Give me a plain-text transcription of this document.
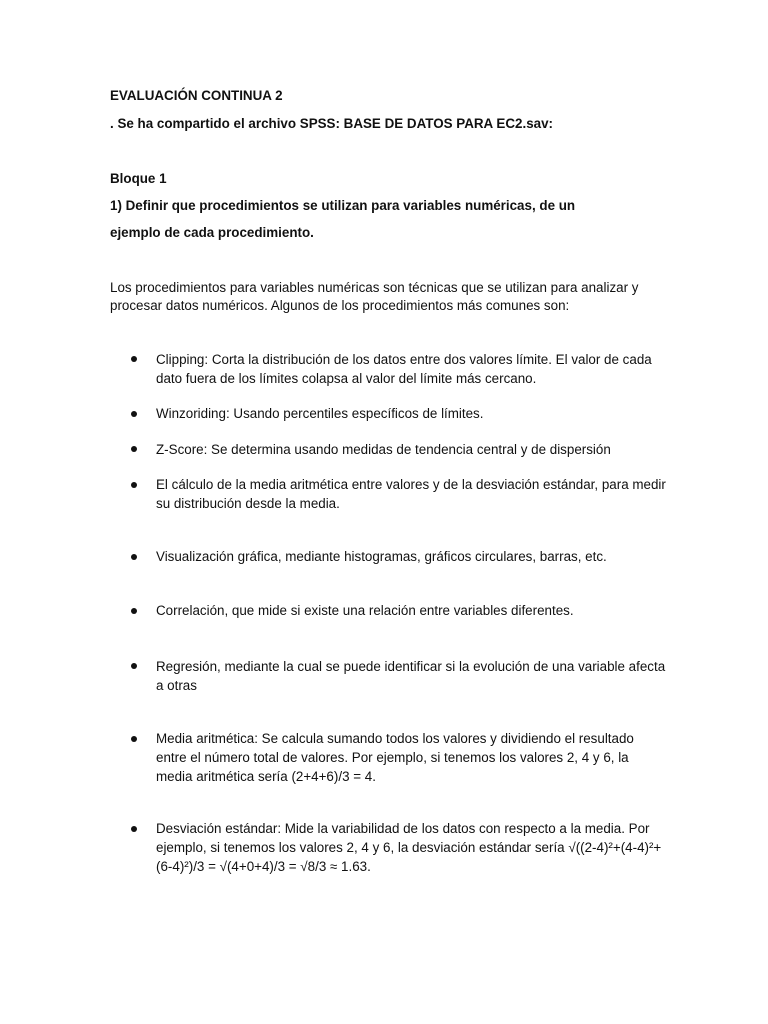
EVALUACIÓN CONTINUA 2
. Se ha compartido el archivo SPSS: BASE DE DATOS PARA EC2.sav:
Bloque 1
1) Definir que procedimientos se utilizan para variables numéricas, de un
ejemplo de cada procedimiento.
Los procedimientos para variables numéricas son técnicas que se utilizan para analizar y
procesar datos numéricos. Algunos de los procedimientos más comunes son:
Clipping: Corta la distribución de los datos entre dos valores límite. El valor de cada dato fuera de los límites colapsa al valor del límite más cercano.
Winzoriding: Usando percentiles específicos de límites.
Z-Score: Se determina usando medidas de tendencia central y de dispersión
El cálculo de la media aritmética entre valores y de la desviación estándar, para medir su distribución desde la media.
Visualización gráfica, mediante histogramas, gráficos circulares, barras, etc.
Correlación, que mide si existe una relación entre variables diferentes.
Regresión, mediante la cual se puede identificar si la evolución de una variable afecta a otras
Media aritmética: Se calcula sumando todos los valores y dividiendo el resultado entre el número total de valores. Por ejemplo, si tenemos los valores 2, 4 y 6, la media aritmética sería (2+4+6)/3 = 4.
Desviación estándar: Mide la variabilidad de los datos con respecto a la media. Por ejemplo, si tenemos los valores 2, 4 y 6, la desviación estándar sería √((2-4)²+(4-4)²+(6-4)²)/3 = √(4+0+4)/3 = √8/3 ≈ 1.63.
